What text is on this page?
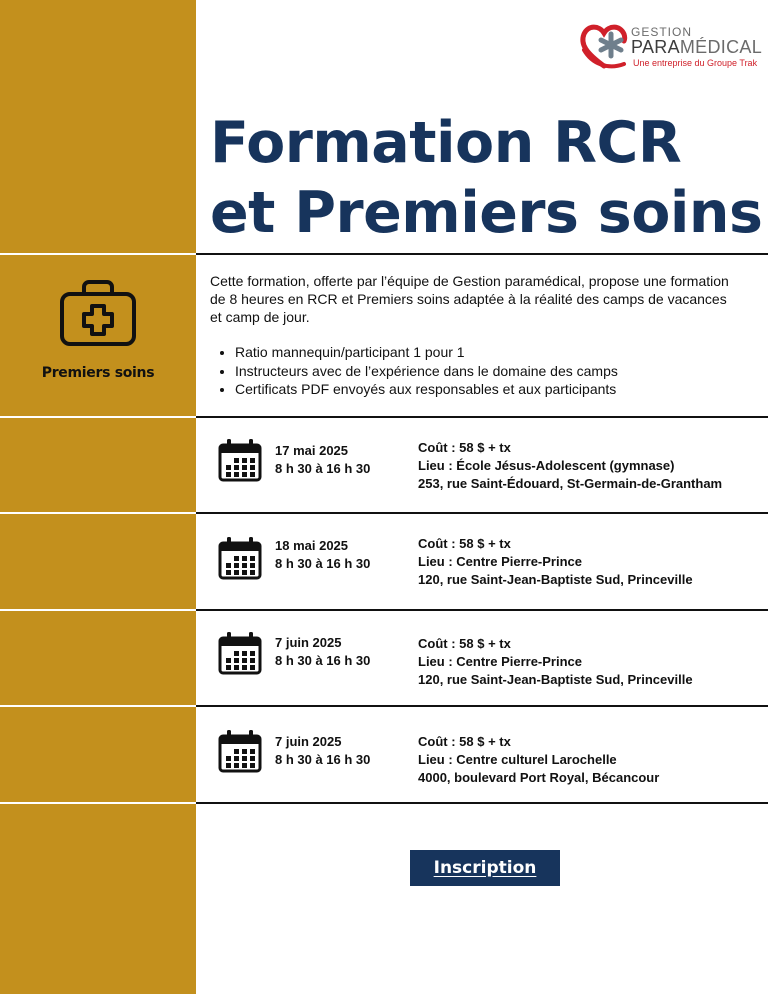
GESTION
PARAMÉDICAL
Une entreprise du Groupe Trak
Formation RCR
et Premiers soins
Premiers soins
Cette formation, offerte par l’équipe de Gestion paramédical, propose une formation de 8 heures en RCR et Premiers soins adaptée à la réalité des camps de vacances et camp de jour.
• Ratio mannequin/participant 1 pour 1
• Instructeurs avec de l’expérience dans le domaine des camps
• Certificats PDF envoyés aux responsables et aux participants
17 mai 2025
8 h 30 à 16 h 30
Coût : 58 $ + tx
Lieu : École Jésus-Adolescent (gymnase)
253, rue Saint-Édouard, St-Germain-de-Grantham
18 mai 2025
8 h 30 à 16 h 30
Coût : 58 $ + tx
Lieu : Centre Pierre-Prince
120, rue Saint-Jean-Baptiste Sud, Princeville
7 juin 2025
8 h 30 à 16 h 30
Coût : 58 $ + tx
Lieu : Centre Pierre-Prince
120, rue Saint-Jean-Baptiste Sud, Princeville
7 juin 2025
8 h 30 à 16 h 30
Coût : 58 $ + tx
Lieu : Centre culturel Larochelle
4000, boulevard Port Royal, Bécancour
Inscription
